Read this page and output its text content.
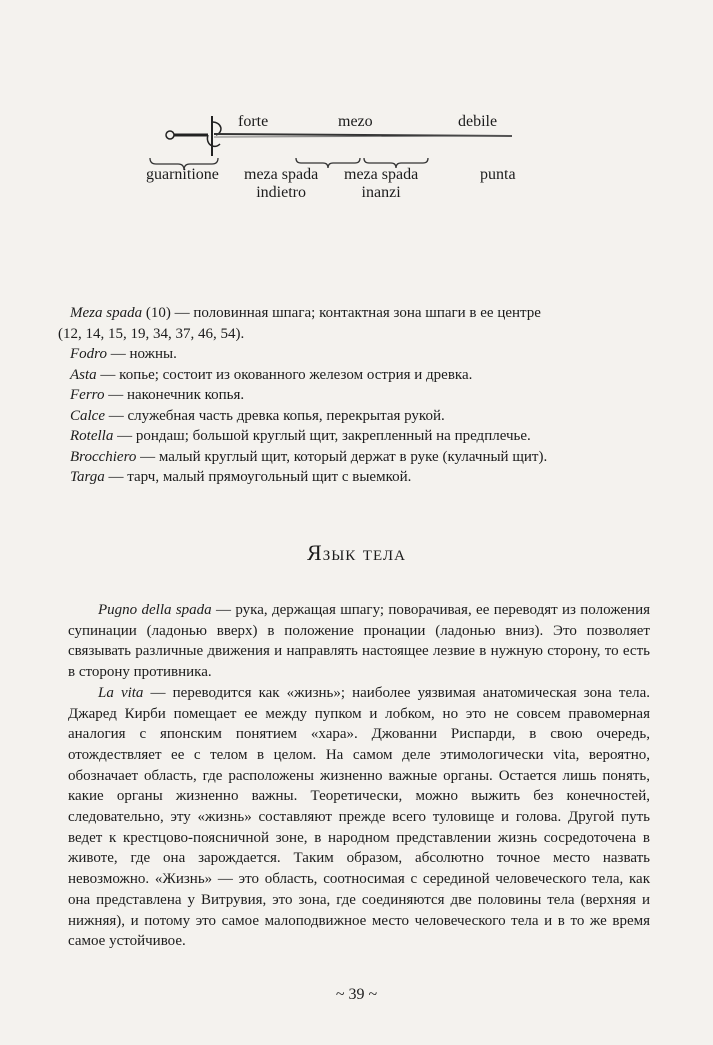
forte	mezo	debile
guarnitione meza spada
indietro
meza spada
inanzi
punta

Meza spada (10) — половинная шпага; контактная зона шпаги в ее центре

(12, 14, 15, 19, 34, 37, 46, 54).

Fodro — ножны.

Asta — копье; состоит из окованного железом острия и древка.

Ferro — наконечник копья.

Calce — служебная часть древка копья, перекрытая рукой.

Rotella — рондаш; большой круглый щит, закрепленный на предплечье.

Brocchiero — малый круглый щит, который держат в руке (кулачный щит).

Targa — тарч, малый прямоугольный щит с выемкой.

Язык тела

Pugno della spada — рука, держащая шпагу; поворачивая, ее переводят из положения супинации (ладонью вверх) в положение пронации (ладонью вниз). Это позволяет связывать различные движения и направлять настоящее лезвие в нужную сторону, то есть в сторону противника.

La vita — переводится как «жизнь»; наиболее уязвимая анатомическая зона тела. Джаред Кирби помещает ее между пупком и лобком, но это не совсем правомерная аналогия с японским понятием «хара». Джованни Риспарди, в свою очередь, отождествляет ее с телом в целом. На самом деле этимологически vita, вероятно, обозначает область, где расположены жизненно важные органы. Остается лишь понять, какие органы жизненно важны. Теоретически, можно выжить без конечностей, следовательно, эту «жизнь» составляют прежде всего туловище и голова. Другой путь ведет к крестцово-поясничной зоне, в народном представлении жизнь сосредоточена в животе, где она зарождается. Таким образом, абсолютно точное место назвать невозможно. «Жизнь» — это область, соотносимая с серединой человеческого тела, как она представлена у Витрувия, это зона, где соединяются две половины тела (верхняя и нижняя), и потому это самое малоподвижное место человеческого тела и в то же время самое устойчивое.

~ 39 ~
